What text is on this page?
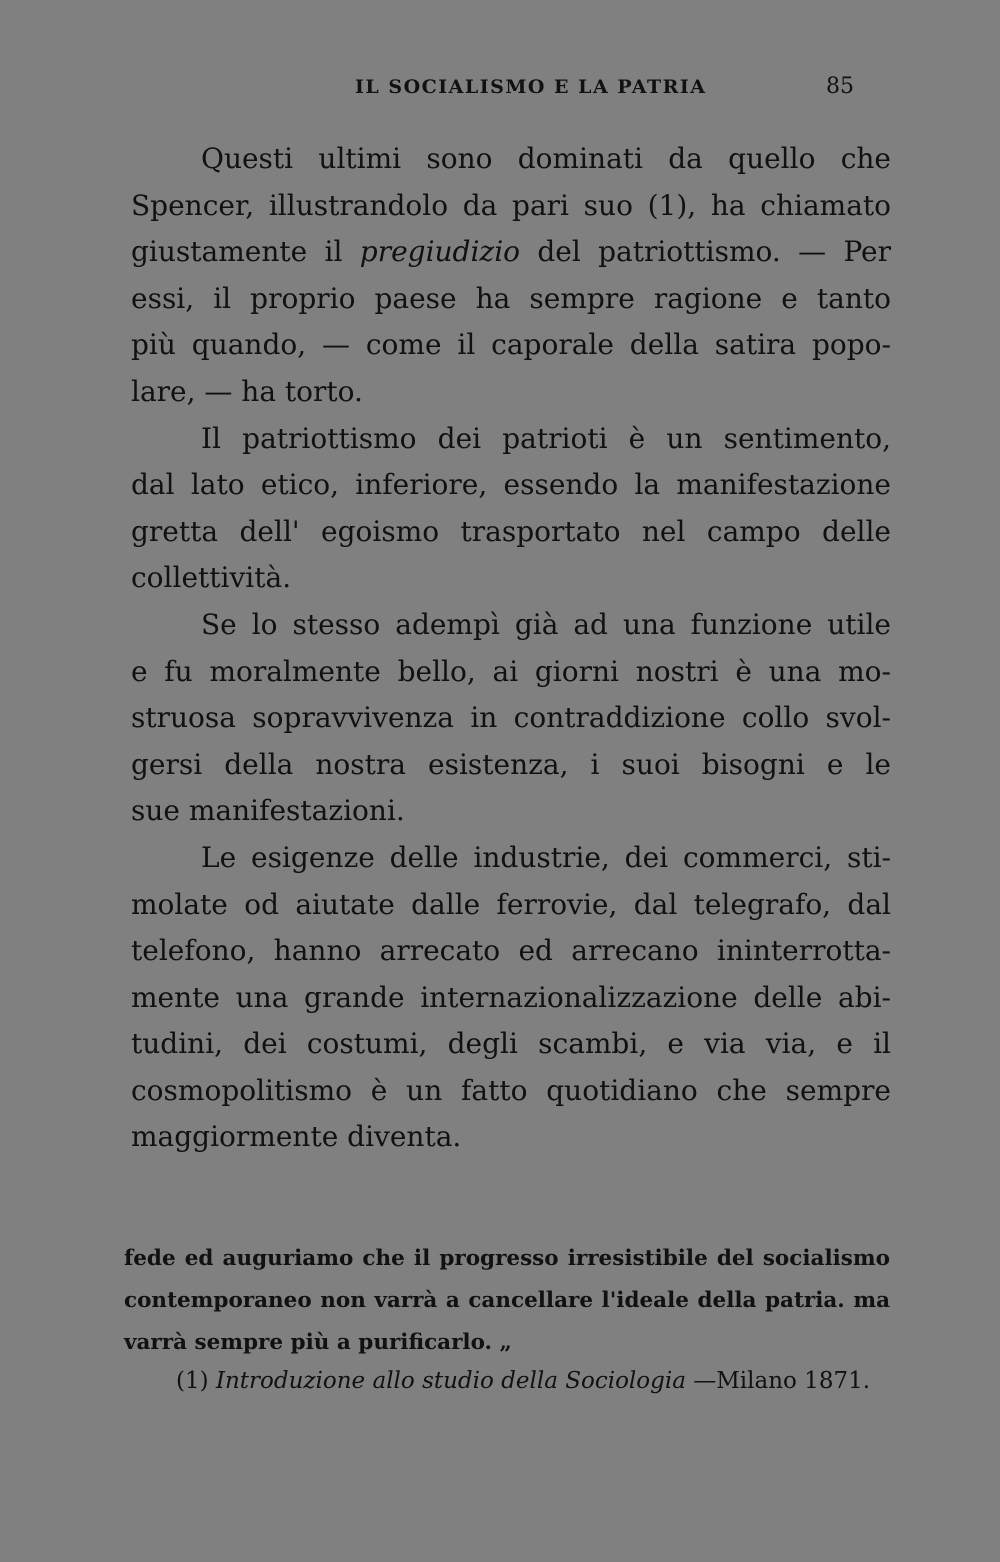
IL SOCIALISMO E LA PATRIA	85
Questi ultimi sono dominati da quello che
Spencer, illustrandolo da pari suo (1), ha chiamato
giustamente il pregiudizio del patriottismo. — Per
essi, il proprio paese ha sempre ragione e tanto
più quando, — come il caporale della satira popo-
lare, — ha torto.
Il patriottismo dei patrioti è un sentimento,
dal lato etico, inferiore, essendo la manifestazione
gretta dell' egoismo trasportato nel campo delle
collettività.
Se lo stesso adempì già ad una funzione utile
e fu moralmente bello, ai giorni nostri è una mo-
struosa sopravvivenza in contraddizione collo svol-
gersi della nostra esistenza, i suoi bisogni e le
sue manifestazioni.
Le esigenze delle industrie, dei commerci, sti-
molate od aiutate dalle ferrovie, dal telegrafo, dal
telefono, hanno arrecato ed arrecano ininterrotta-
mente una grande internazionalizzazione delle abi-
tudini, dei costumi, degli scambi, e via via, e il
cosmopolitismo è un fatto quotidiano che sempre
maggiormente diventa.
fede ed auguriamo che il progresso irresistibile del socialismo
contemporaneo non varrà a cancellare l'ideale della patria. ma
varrà sempre più a purificarlo. „
(1) Introduzione allo studio della Sociologia —Milano 1871.
